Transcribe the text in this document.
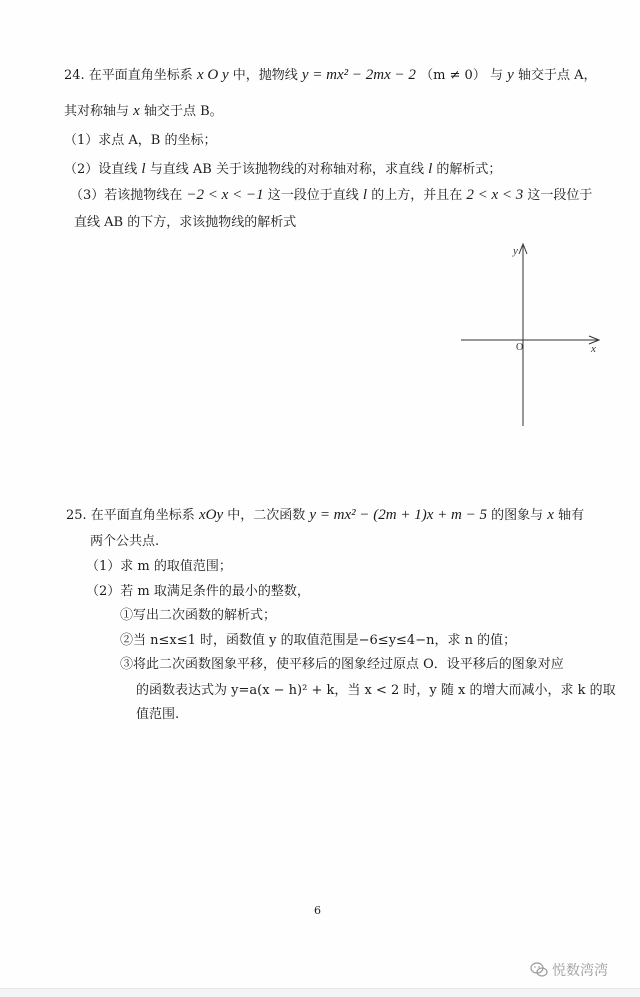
24. 在平面直角坐标系 x O y 中，抛物线 y = mx² − 2mx − 2 （m ≠ 0） 与 y 轴交于点 A，
其对称轴与 x 轴交于点 B。
（1）求点 A，B 的坐标；
（2）设直线 l 与直线 AB 关于该抛物线的对称轴对称，求直线 l 的解析式；
（3）若该抛物线在 −2 < x < −1 这一段位于直线 l 的上方，并且在 2 < x < 3 这一段位于
直线 AB 的下方，求该抛物线的解析式
y
x
O
25. 在平面直角坐标系 xOy 中，二次函数 y = mx² − (2m + 1)x + m − 5 的图象与 x 轴有
两个公共点.
（1）求 m 的取值范围；
（2）若 m 取满足条件的最小的整数，
①写出二次函数的解析式；
②当 n≤x≤1 时，函数值 y 的取值范围是−6≤y≤4−n，求 n 的值；
③将此二次函数图象平移，使平移后的图象经过原点 O．设平移后的图象对应
的函数表达式为 y=a(x − h)² + k，当 x < 2 时，y 随 x 的增大而减小，求 k 的取
值范围.
6
悦数湾湾
